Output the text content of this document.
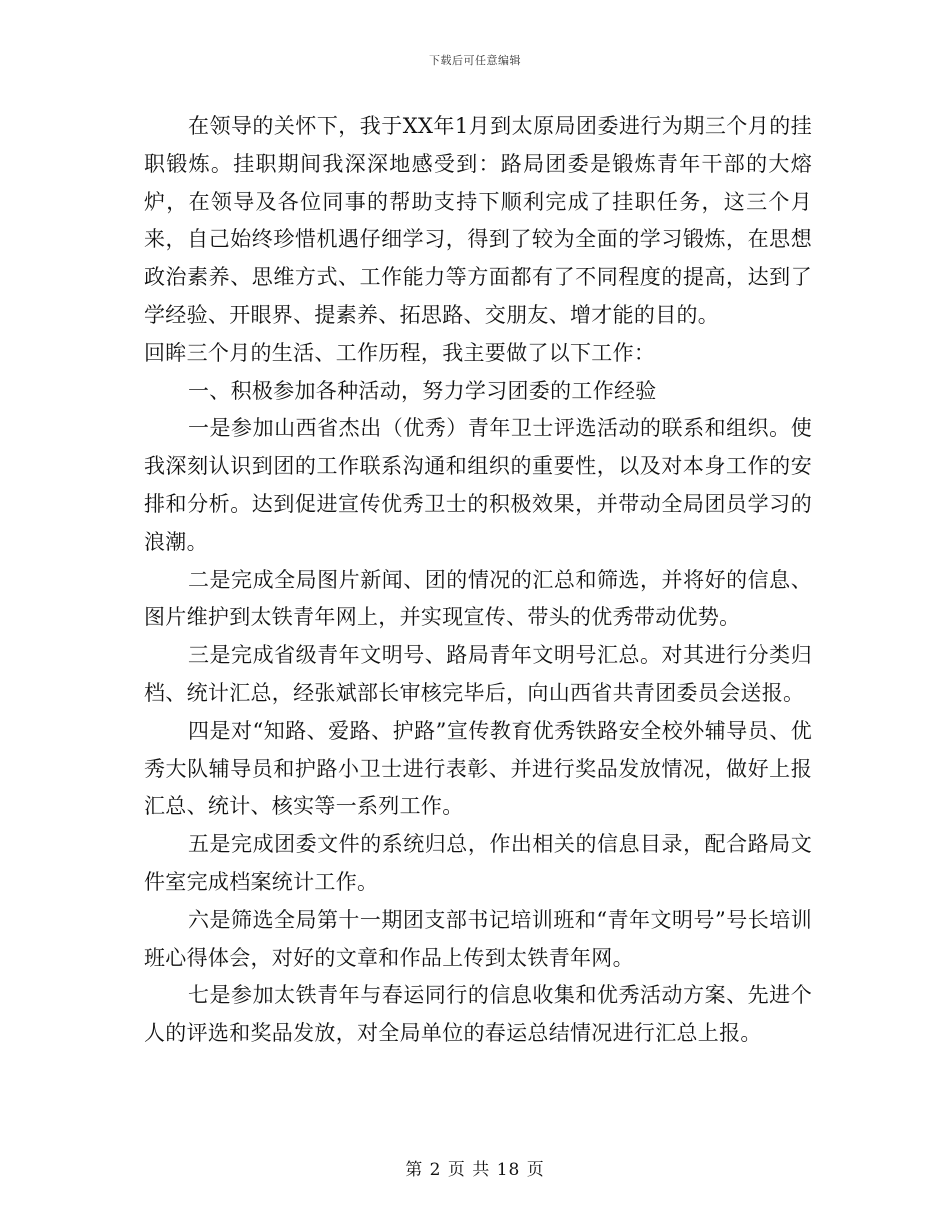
下载后可任意编辑

在领导的关怀下，我于XX年1月到太原局团委进行为期三个月的挂职锻炼。挂职期间我深深地感受到：路局团委是锻炼青年干部的大熔炉，在领导及各位同事的帮助支持下顺利完成了挂职任务，这三个月来，自己始终珍惜机遇仔细学习，得到了较为全面的学习锻炼，在思想政治素养、思维方式、工作能力等方面都有了不同程度的提高，达到了学经验、开眼界、提素养、拓思路、交朋友、增才能的目的。

回眸三个月的生活、工作历程，我主要做了以下工作：

一、积极参加各种活动，努力学习团委的工作经验

一是参加山西省杰出（优秀）青年卫士评选活动的联系和组织。使我深刻认识到团的工作联系沟通和组织的重要性，以及对本身工作的安排和分析。达到促进宣传优秀卫士的积极效果，并带动全局团员学习的浪潮。

二是完成全局图片新闻、团的情况的汇总和筛选，并将好的信息、图片维护到太铁青年网上，并实现宣传、带头的优秀带动优势。

三是完成省级青年文明号、路局青年文明号汇总。对其进行分类归档、统计汇总，经张斌部长审核完毕后，向山西省共青团委员会送报。

四是对“知路、爱路、护路”宣传教育优秀铁路安全校外辅导员、优秀大队辅导员和护路小卫士进行表彰、并进行奖品发放情况，做好上报汇总、统计、核实等一系列工作。

五是完成团委文件的系统归总，作出相关的信息目录，配合路局文件室完成档案统计工作。

六是筛选全局第十一期团支部书记培训班和“青年文明号”号长培训班心得体会，对好的文章和作品上传到太铁青年网。

七是参加太铁青年与春运同行的信息收集和优秀活动方案、先进个人的评选和奖品发放，对全局单位的春运总结情况进行汇总上报。

第 2 页 共 18 页
